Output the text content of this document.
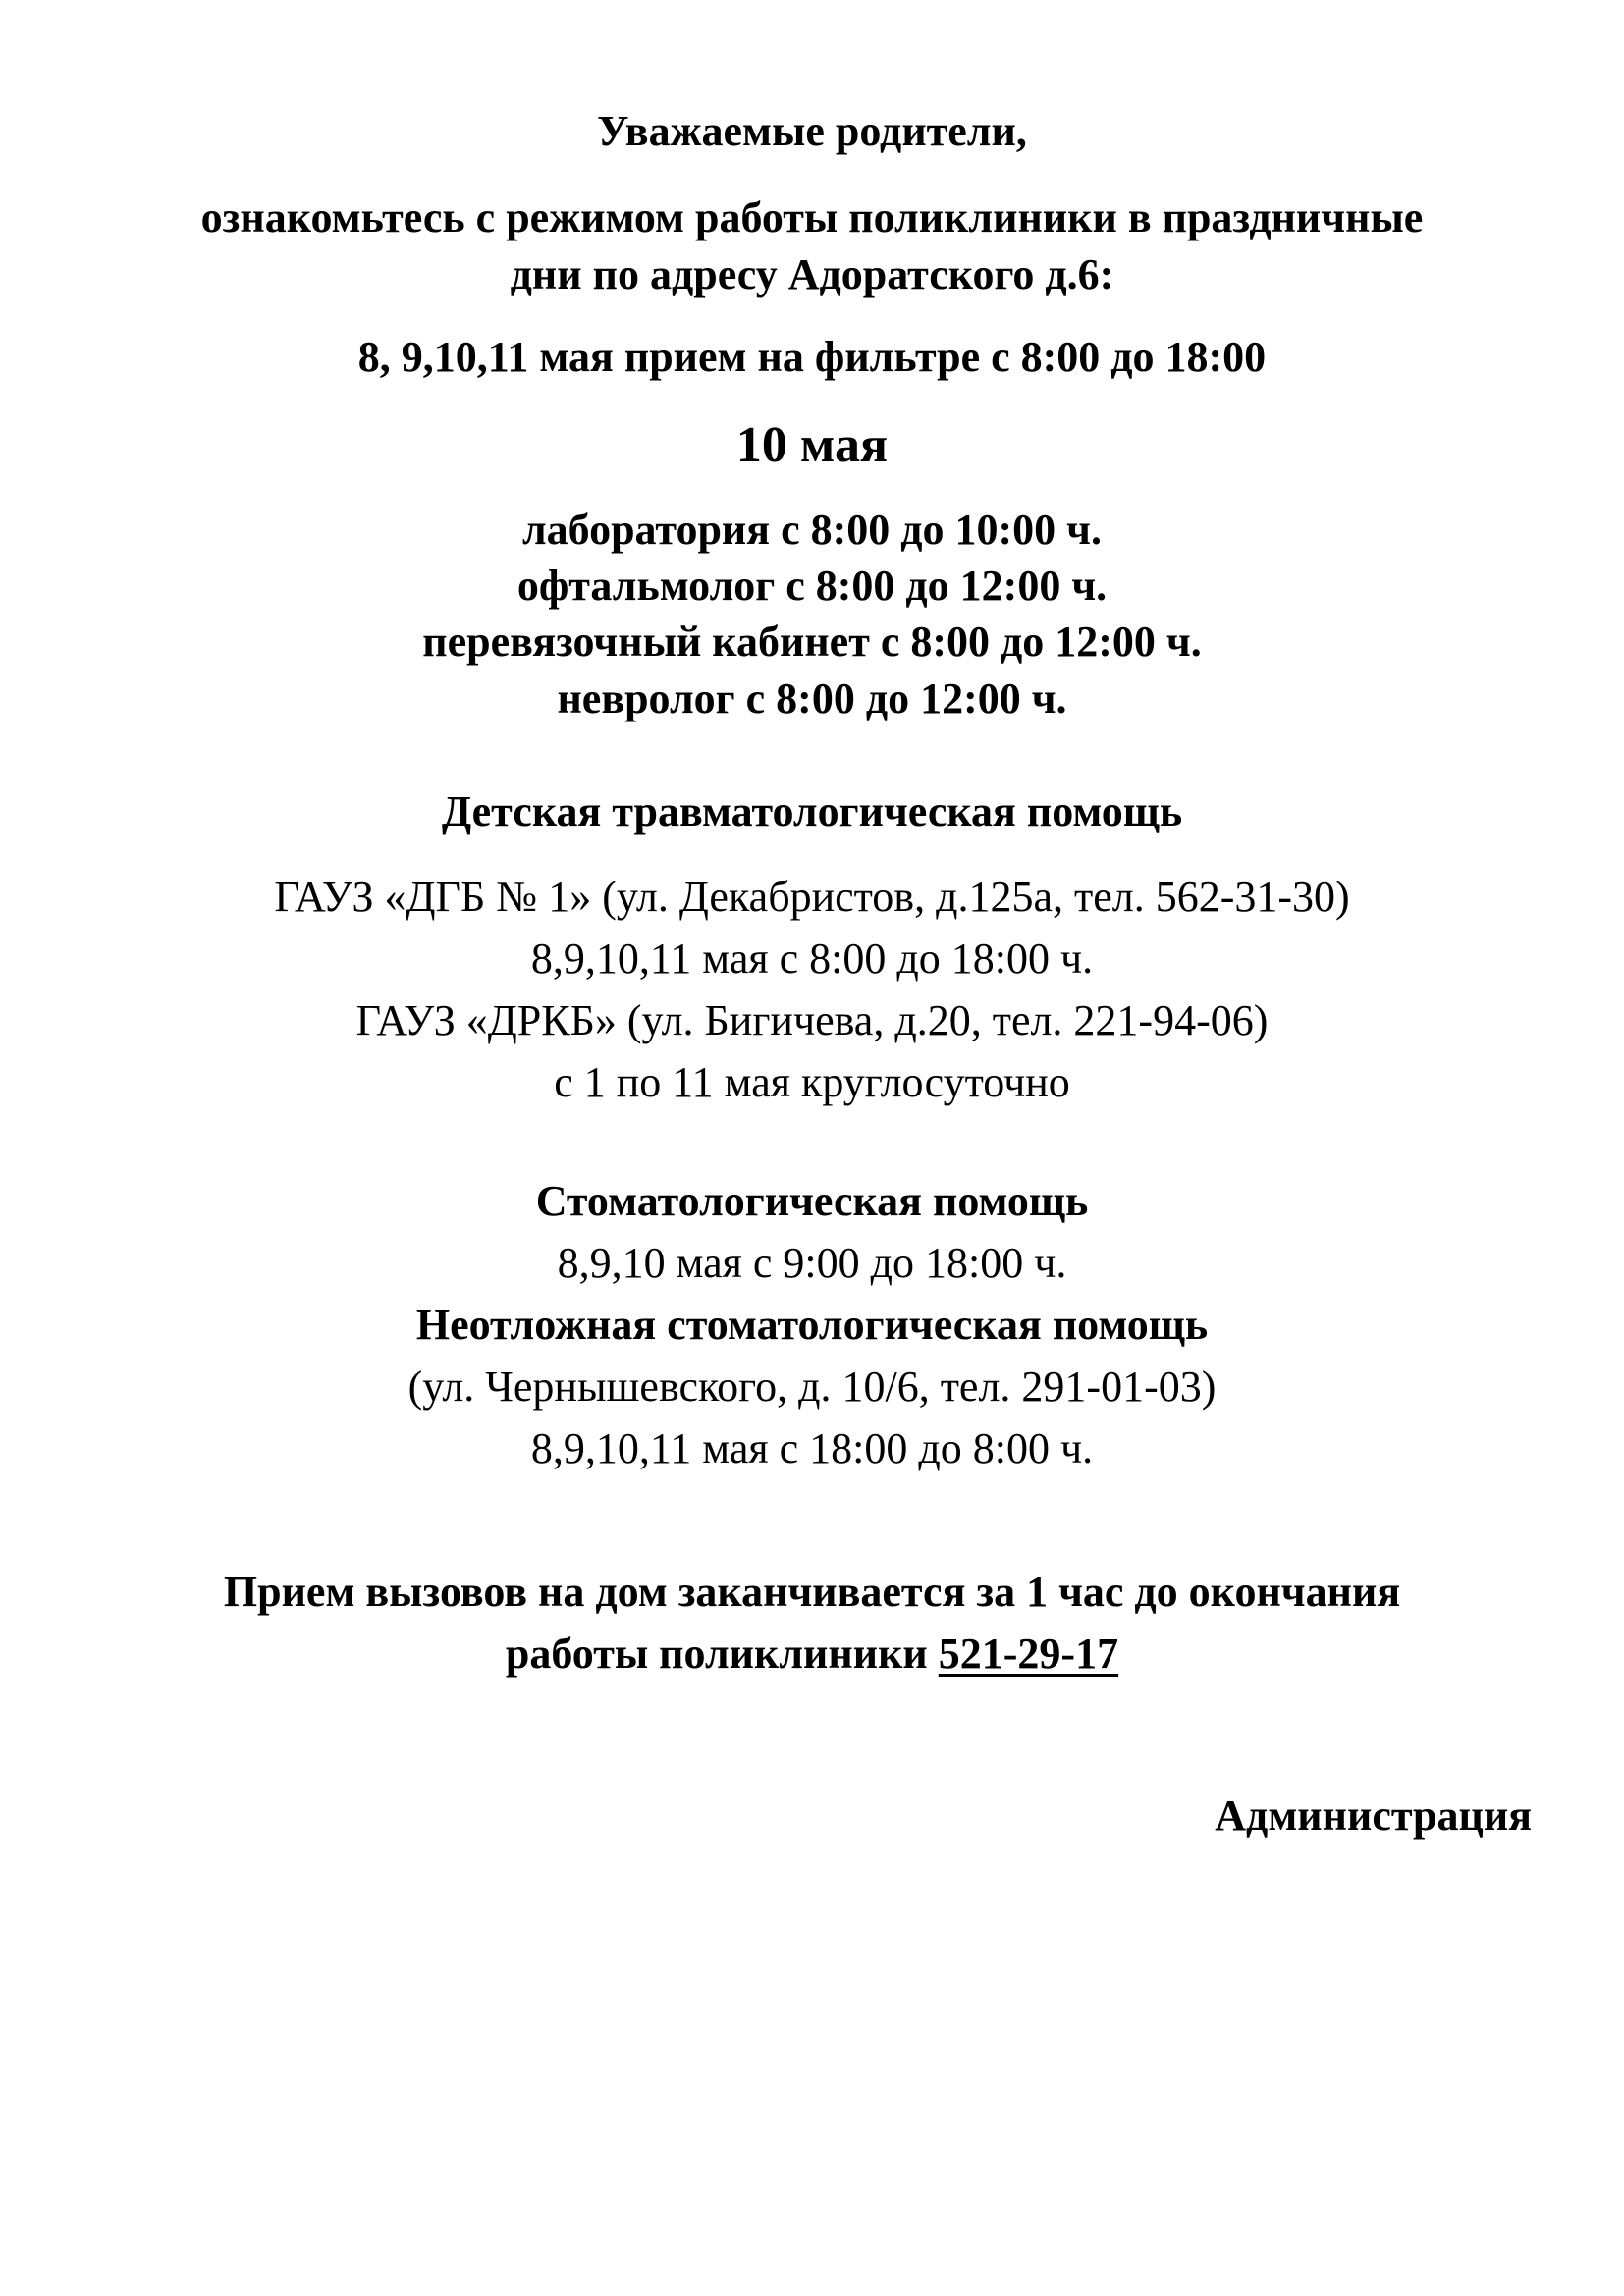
Уважаемые родители,
ознакомьтесь с режимом работы поликлиники в праздничные
дни по адресу Адоратского д.6:
8, 9,10,11 мая прием на фильтре с 8:00 до 18:00
10 мая
лаборатория с 8:00 до 10:00 ч.
офтальмолог с 8:00 до 12:00 ч.
перевязочный кабинет с 8:00 до 12:00 ч.
невролог с 8:00 до 12:00 ч.
Детская травматологическая помощь
ГАУЗ «ДГБ № 1» (ул. Декабристов, д.125а, тел. 562-31-30)
8,9,10,11 мая с 8:00 до 18:00 ч.
ГАУЗ «ДРКБ» (ул. Бигичева, д.20, тел. 221-94-06)
с 1 по 11 мая круглосуточно
Стоматологическая помощь
8,9,10 мая с 9:00 до 18:00 ч.
Неотложная стоматологическая помощь
(ул. Чернышевского, д. 10/6, тел. 291-01-03)
8,9,10,11 мая с 18:00 до 8:00 ч.
Прием вызовов на дом заканчивается за 1 час до окончания
работы поликлиники 521-29-17
Администрация
